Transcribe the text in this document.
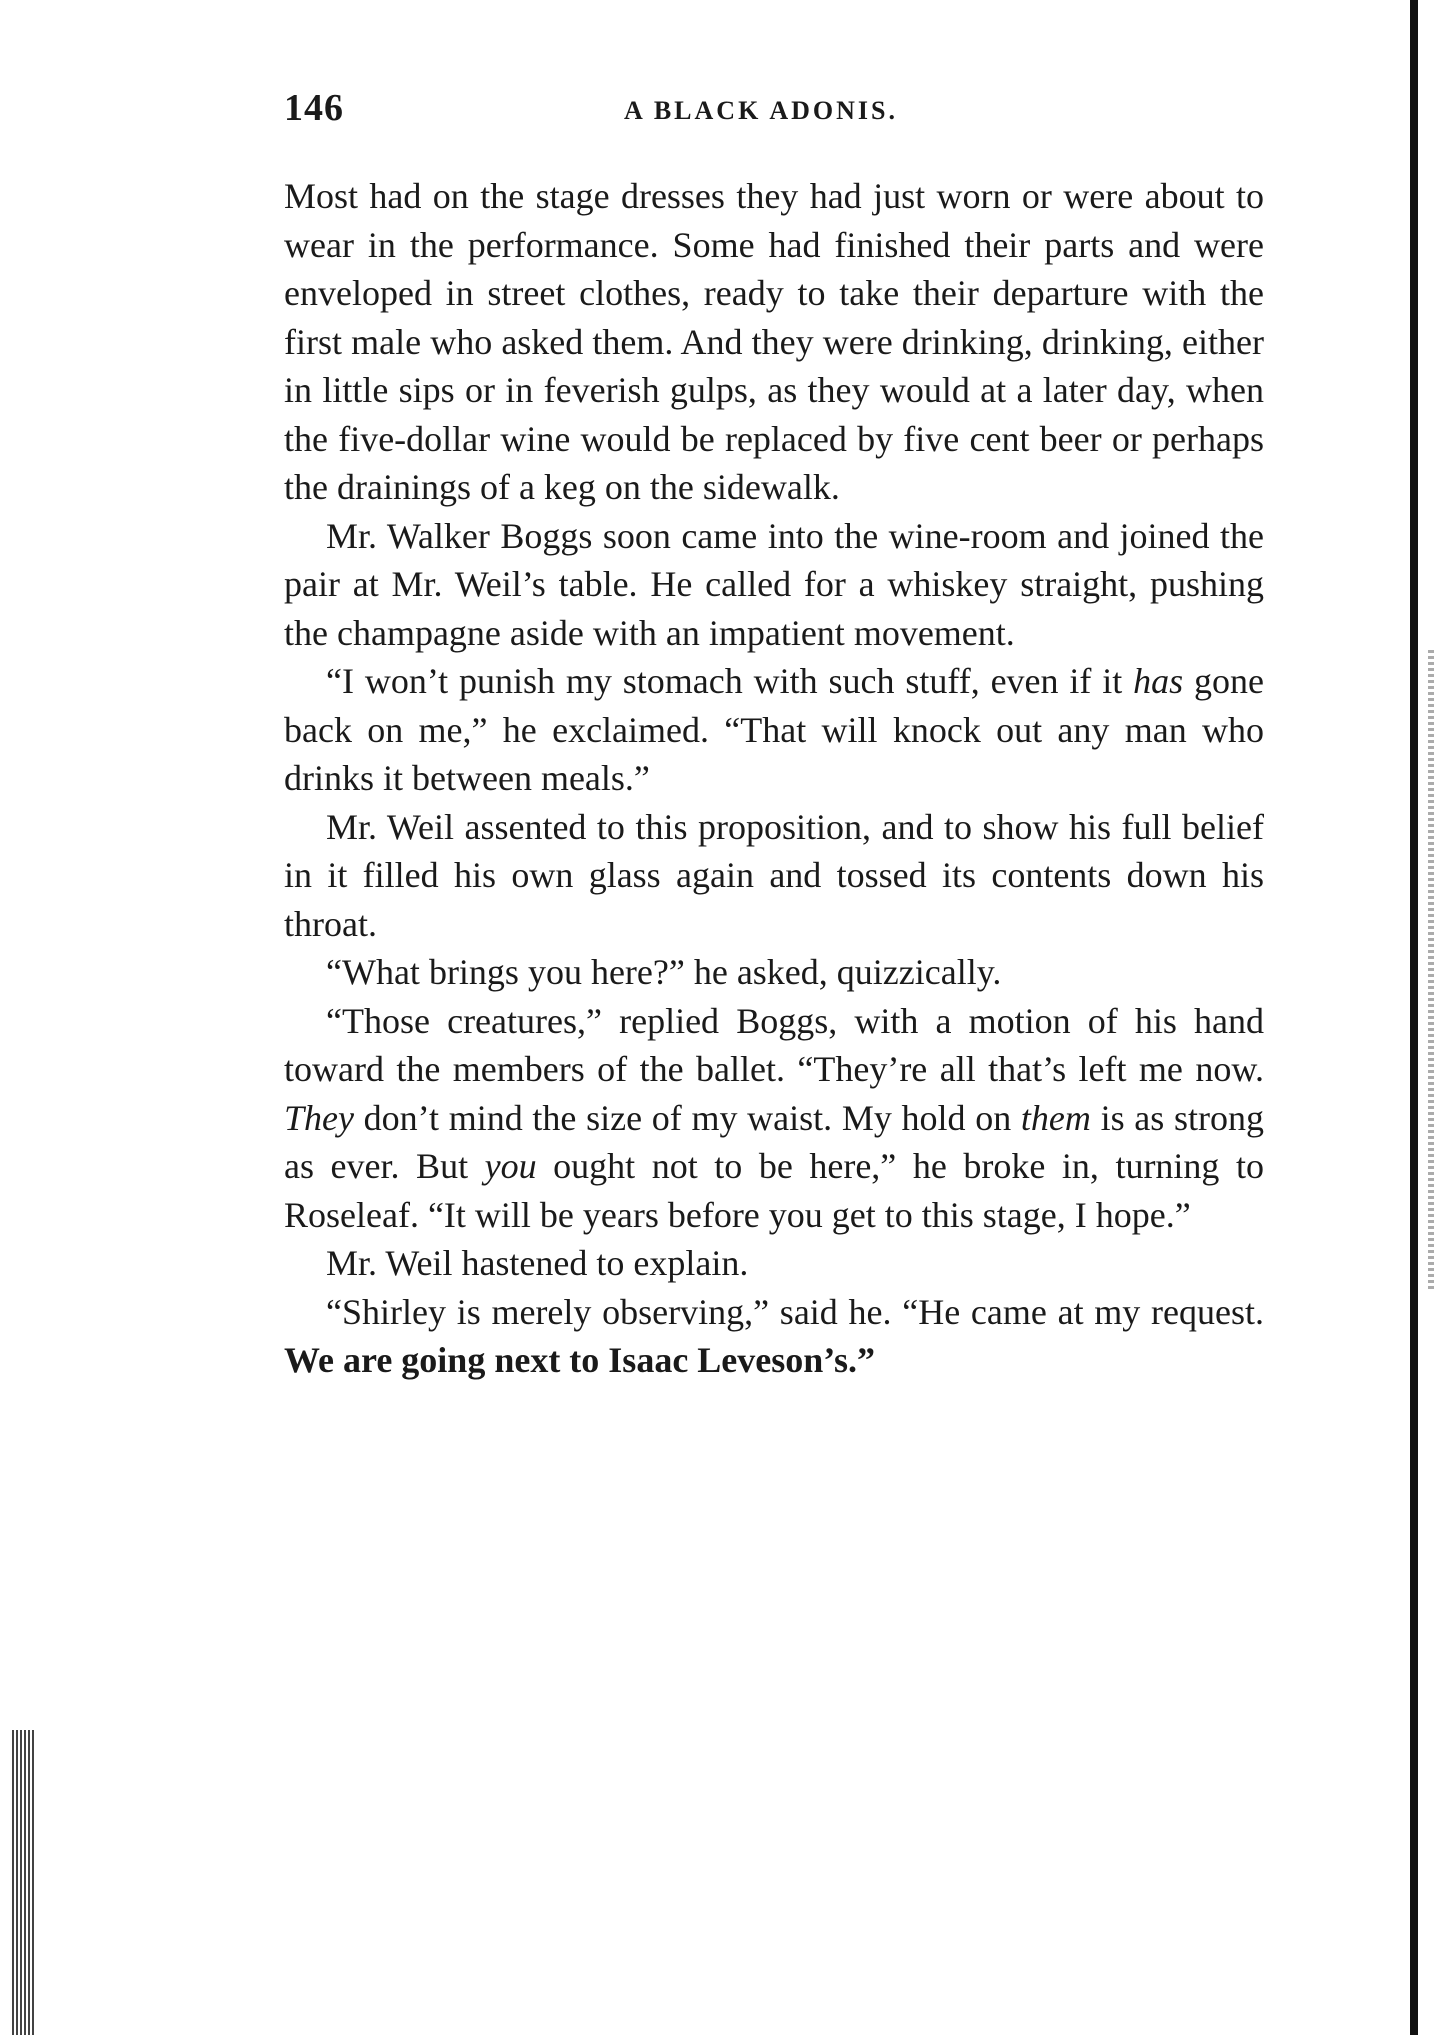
146	A BLACK ADONIS.

Most had on the stage dresses they had just worn or were about to wear in the performance. Some had finished their parts and were enveloped in street clothes, ready to take their departure with the first male who asked them. And they were drinking, drinking, either in little sips or in feverish gulps, as they would at a later day, when the five-dollar wine would be replaced by five cent beer or perhaps the drainings of a keg on the sidewalk.

Mr. Walker Boggs soon came into the wine-room and joined the pair at Mr. Weil’s table. He called for a whiskey straight, pushing the champagne aside with an impatient movement.

“I won’t punish my stomach with such stuff, even if it has gone back on me,” he exclaimed. “That will knock out any man who drinks it between meals.”

Mr. Weil assented to this proposition, and to show his full belief in it filled his own glass again and tossed its contents down his throat.

“What brings you here?” he asked, quizzically.

“Those creatures,” replied Boggs, with a motion of his hand toward the members of the ballet. “They’re all that’s left me now. They don’t mind the size of my waist. My hold on them is as strong as ever. But you ought not to be here,” he broke in, turning to Roseleaf. “It will be years before you get to this stage, I hope.”

Mr. Weil hastened to explain.

“Shirley is merely observing,” said he. “He came at my request. We are going next to Isaac Leveson’s.”
